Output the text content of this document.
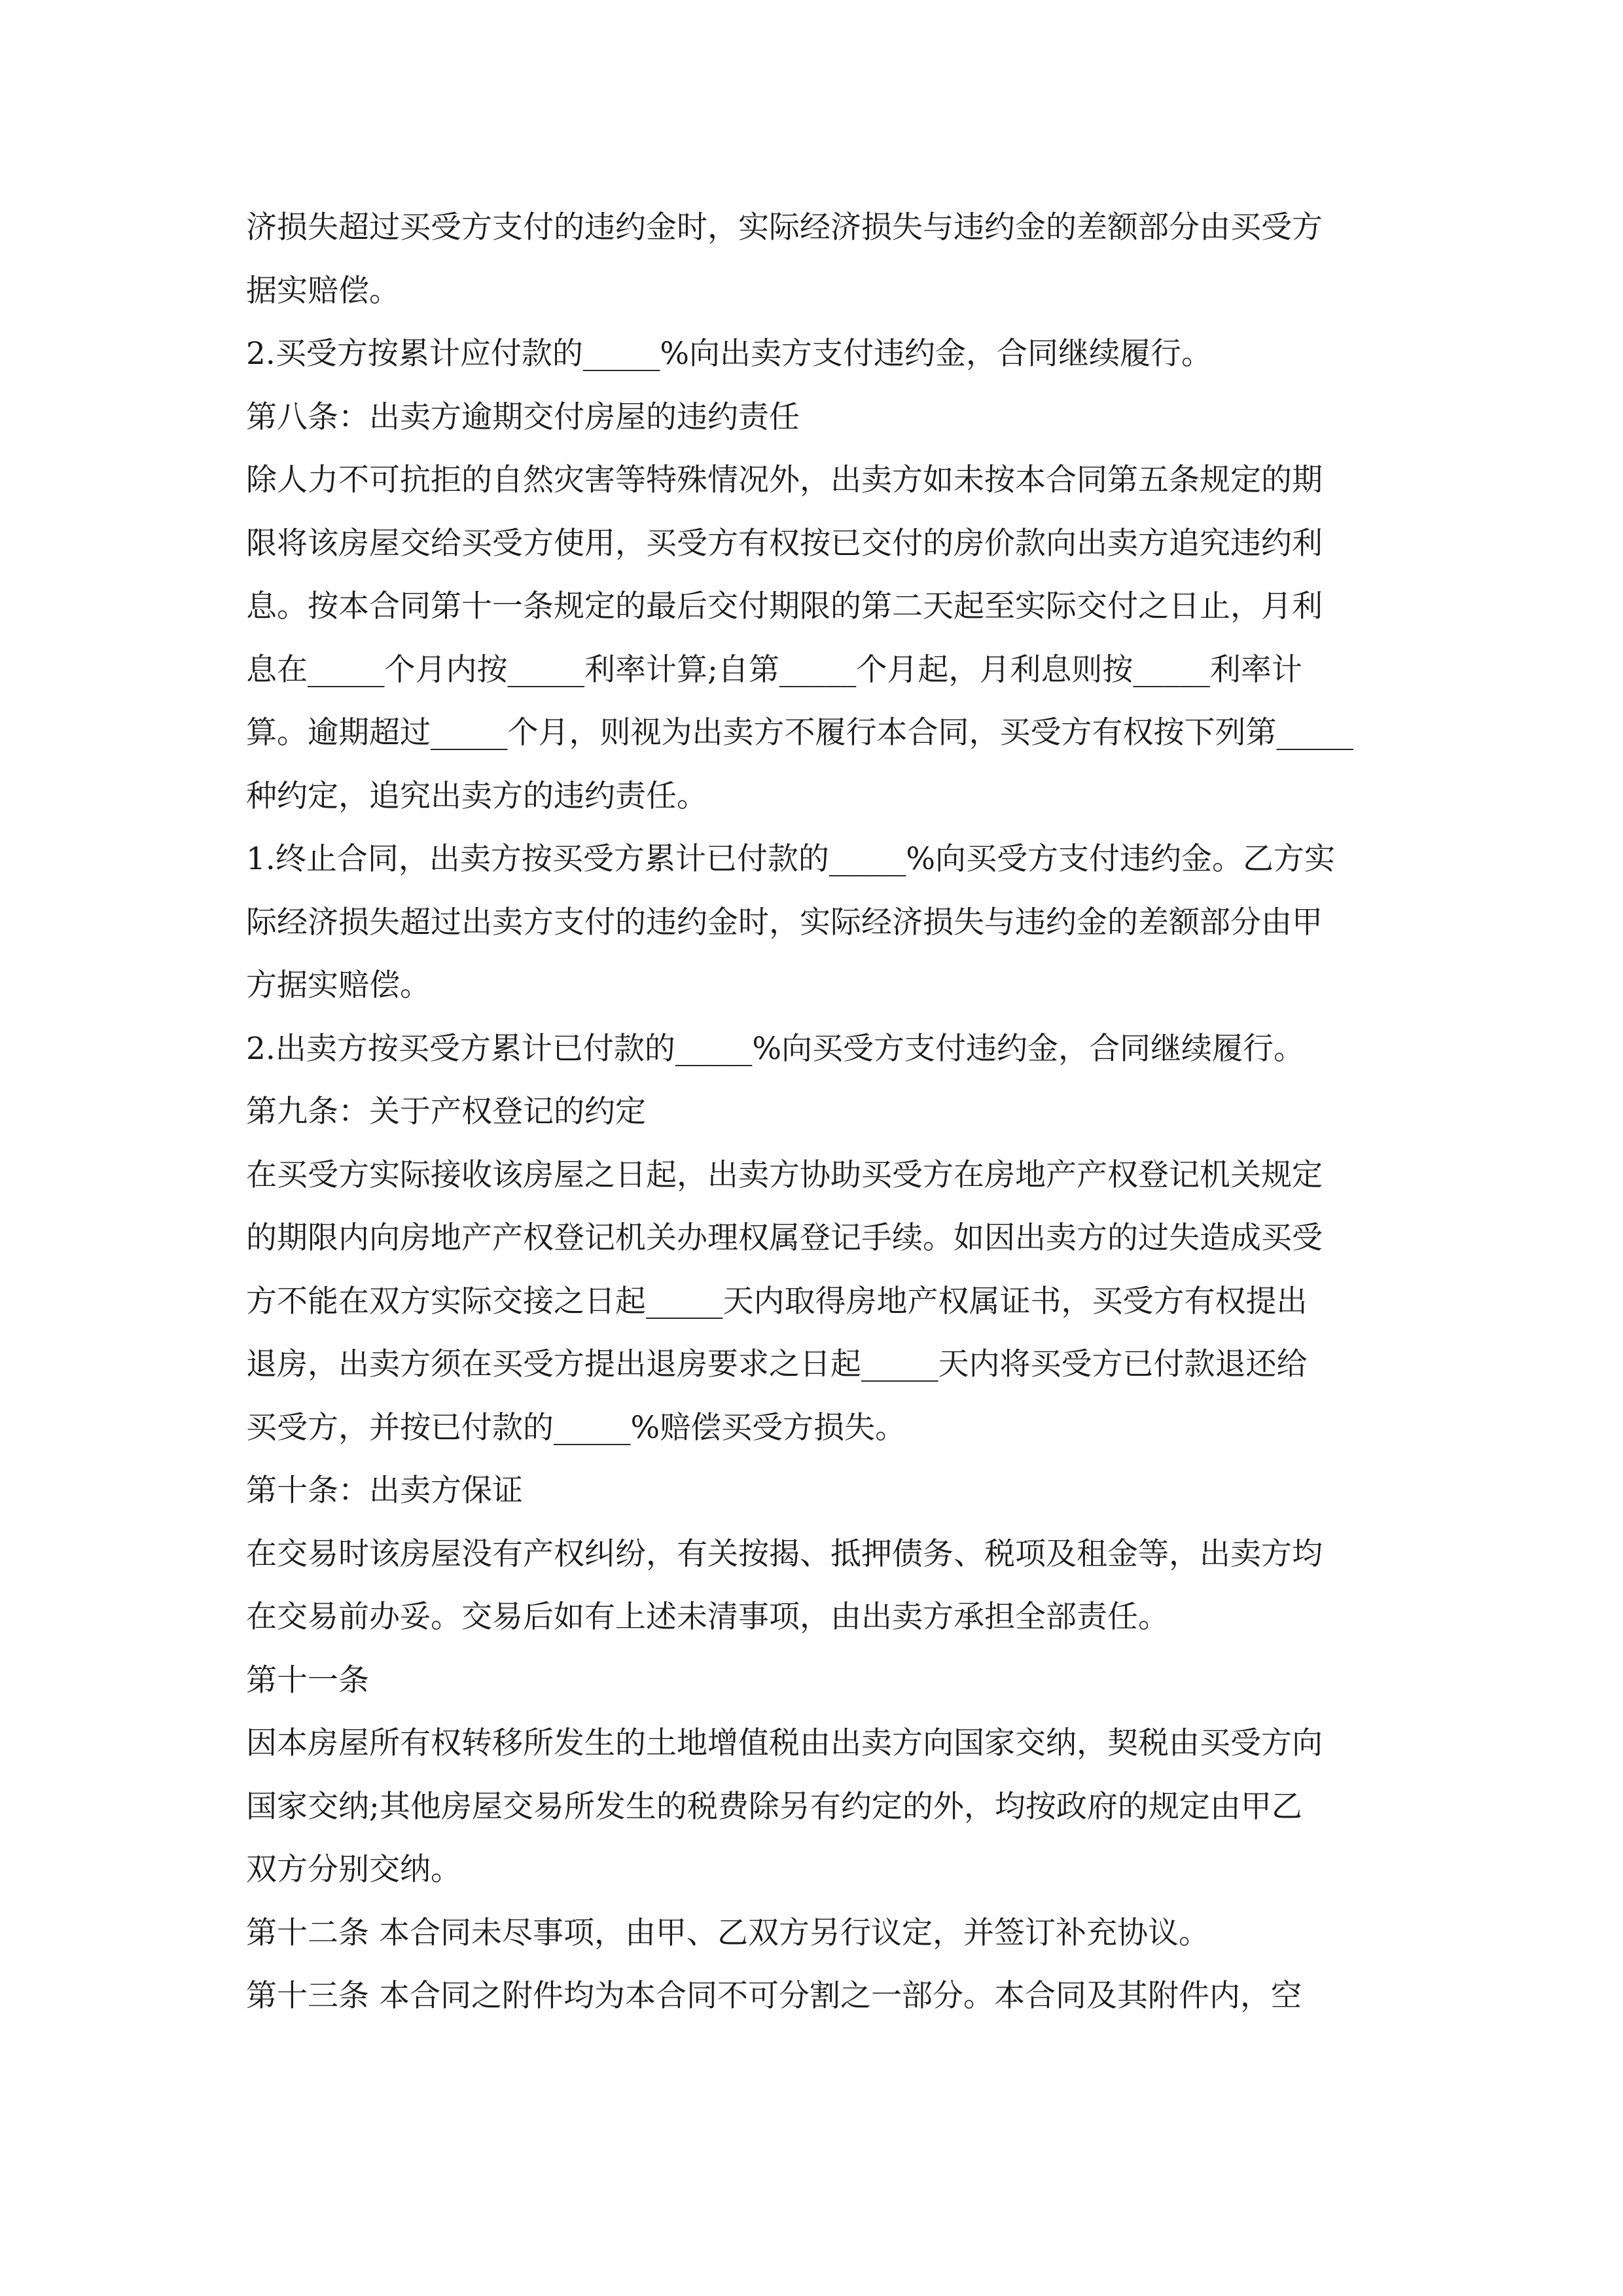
济损失超过买受方支付的违约金时，实际经济损失与违约金的差额部分由买受方
据实赔偿。
2.买受方按累计应付款的_____%向出卖方支付违约金，合同继续履行。
第八条：出卖方逾期交付房屋的违约责任
除人力不可抗拒的自然灾害等特殊情况外，出卖方如未按本合同第五条规定的期
限将该房屋交给买受方使用，买受方有权按已交付的房价款向出卖方追究违约利
息。按本合同第十一条规定的最后交付期限的第二天起至实际交付之日止，月利
息在_____个月内按_____利率计算;自第_____个月起，月利息则按_____利率计
算。逾期超过_____个月，则视为出卖方不履行本合同，买受方有权按下列第_____
种约定，追究出卖方的违约责任。
1.终止合同，出卖方按买受方累计已付款的_____%向买受方支付违约金。乙方实
际经济损失超过出卖方支付的违约金时，实际经济损失与违约金的差额部分由甲
方据实赔偿。
2.出卖方按买受方累计已付款的_____%向买受方支付违约金，合同继续履行。
第九条：关于产权登记的约定
在买受方实际接收该房屋之日起，出卖方协助买受方在房地产产权登记机关规定
的期限内向房地产产权登记机关办理权属登记手续。如因出卖方的过失造成买受
方不能在双方实际交接之日起_____天内取得房地产权属证书，买受方有权提出
退房，出卖方须在买受方提出退房要求之日起_____天内将买受方已付款退还给
买受方，并按已付款的_____%赔偿买受方损失。
第十条：出卖方保证
在交易时该房屋没有产权纠纷，有关按揭、抵押债务、税项及租金等，出卖方均
在交易前办妥。交易后如有上述未清事项，由出卖方承担全部责任。
第十一条
因本房屋所有权转移所发生的土地增值税由出卖方向国家交纳，契税由买受方向
国家交纳;其他房屋交易所发生的税费除另有约定的外，均按政府的规定由甲乙
双方分别交纳。
第十二条 本合同未尽事项，由甲、乙双方另行议定，并签订补充协议。
第十三条 本合同之附件均为本合同不可分割之一部分。本合同及其附件内，空
